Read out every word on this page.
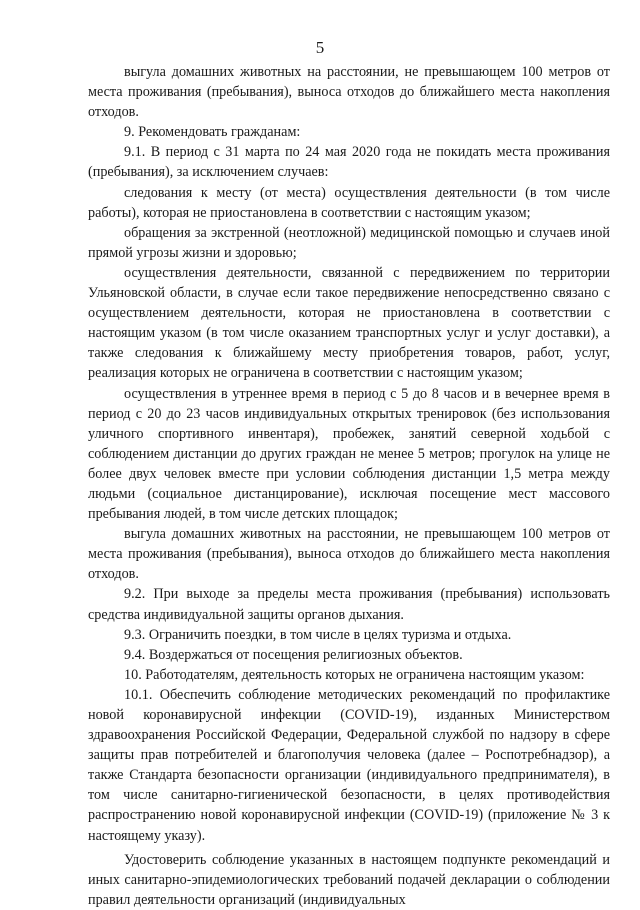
5

выгула домашних животных на расстоянии, не превышающем 100 метров от места проживания (пребывания), выноса отходов до ближайшего места накопления отходов.

9. Рекомендовать гражданам:

9.1. В период с 31 марта по 24 мая 2020 года не покидать места проживания (пребывания), за исключением случаев:

следования к месту (от места) осуществления деятельности (в том числе работы), которая не приостановлена в соответствии с настоящим указом;

обращения за экстренной (неотложной) медицинской помощью и случаев иной прямой угрозы жизни и здоровью;

осуществления деятельности, связанной с передвижением по территории Ульяновской области, в случае если такое передвижение непосредственно связано с осуществлением деятельности, которая не приостановлена в соответствии с настоящим указом (в том числе оказанием транспортных услуг и услуг доставки), а также следования к ближайшему месту приобретения товаров, работ, услуг, реализация которых не ограничена в соответствии с настоящим указом;

осуществления в утреннее время в период с 5 до 8 часов и в вечернее время в период с 20 до 23 часов индивидуальных открытых тренировок (без использования уличного спортивного инвентаря), пробежек, занятий северной ходьбой с соблюдением дистанции до других граждан не менее 5 метров; прогулок на улице не более двух человек вместе при условии соблюдения дистанции 1,5 метра между людьми (социальное дистанцирование), исключая посещение мест массового пребывания людей, в том числе детских площадок;

выгула домашних животных на расстоянии, не превышающем 100 метров от места проживания (пребывания), выноса отходов до ближайшего места накопления отходов.

9.2. При выходе за пределы места проживания (пребывания) использовать средства индивидуальной защиты органов дыхания.

9.3. Ограничить поездки, в том числе в целях туризма и отдыха.

9.4. Воздержаться от посещения религиозных объектов.

10. Работодателям, деятельность которых не ограничена настоящим указом:

10.1. Обеспечить соблюдение методических рекомендаций по профилактике новой коронавирусной инфекции (COVID-19), изданных Министерством здравоохранения Российской Федерации, Федеральной службой по надзору в сфере защиты прав потребителей и благополучия человека (далее – Роспотребнадзор), а также Стандарта безопасности организации (индивидуального предпринимателя), в том числе санитарно-гигиенической безопасности, в целях противодействия распространению новой коронавирусной инфекции (COVID-19) (приложение № 3 к настоящему указу).

Удостоверить соблюдение указанных в настоящем подпункте рекомендаций и иных санитарно-эпидемиологических требований подачей декларации о соблюдении правил деятельности организаций (индивидуальных
